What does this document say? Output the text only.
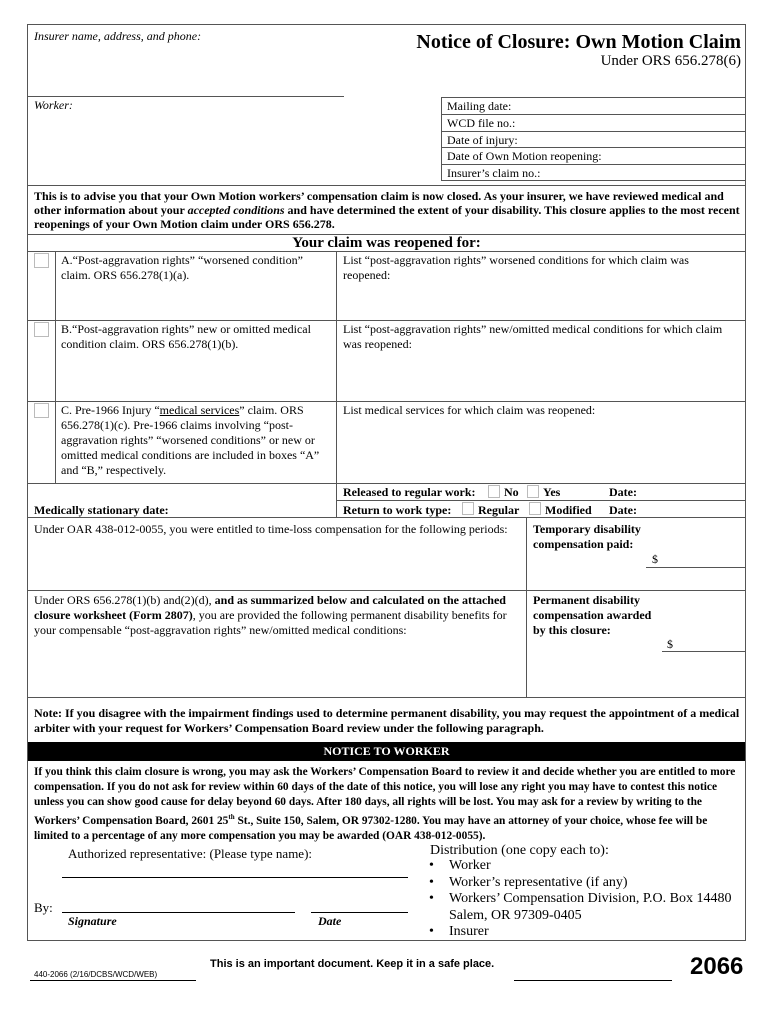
Insurer name, address, and phone:	Notice of Closure: Own Motion Claim
Under ORS 656.278(6)
Worker:	Mailing date:
WCD file no.:
Date of injury:
Date of Own Motion reopening:
Insurer’s claim no.:
This is to advise you that your Own Motion workers’ compensation claim is now closed. As your insurer, we have reviewed medical and other information about your accepted conditions and have determined the extent of your disability. This closure applies to the most recent reopenings of your Own Motion claim under ORS 656.278.
Your claim was reopened for:
A.“Post-aggravation rights” “worsened condition” claim. ORS 656.278(1)(a).
List “post-aggravation rights” worsened conditions for which claim was reopened:
B.“Post-aggravation rights” new or omitted medical condition claim. ORS 656.278(1)(b).
List “post-aggravation rights” new/omitted medical conditions for which claim was reopened:
C. Pre-1966 Injury “medical services” claim. ORS 656.278(1)(c). Pre-1966 claims involving “post-aggravation rights” “worsened conditions” or new or omitted medical conditions are included in boxes “A” and “B,” respectively.
List medical services for which claim was reopened:
Released to regular work: No Yes	Date:
Medically stationary date:	Return to work type: Regular Modified Date:
Under OAR 438-012-0055, you were entitled to time-loss compensation for the following periods:	Temporary disability compensation paid:
$
Under ORS 656.278(1)(b) and(2)(d), and as summarized below and calculated on the attached closure worksheet (Form 2807), you are provided the following permanent disability benefits for your compensable “post-aggravation rights” new/omitted medical conditions:
Permanent disability compensation awarded by this closure:
$
Note: If you disagree with the impairment findings used to determine permanent disability, you may request the appointment of a medical arbiter with your request for Workers’ Compensation Board review under the following paragraph.
NOTICE TO WORKER
If you think this claim closure is wrong, you may ask the Workers’ Compensation Board to review it and decide whether you are entitled to more compensation. If you do not ask for review within 60 days of the date of this notice, you will lose any right you may have to contest this notice unless you can show good cause for delay beyond 60 days. After 180 days, all rights will be lost. You may ask for a review by writing to the Workers’ Compensation Board, 2601 25th St., Suite 150, Salem, OR 97302-1280. You may have an attorney of your choice, whose fee will be limited to a percentage of any more compensation you may be awarded (OAR 438-012-0055).
Authorized representative: (Please type name):
By:
Signature	Date
Distribution (one copy each to):
• Worker
• Worker’s representative (if any)
• Workers’ Compensation Division, P.O. Box 14480 Salem, OR 97309-0405
• Insurer
440-2066 (2/16/DCBS/WCD/WEB)
This is an important document. Keep it in a safe place.	2066
